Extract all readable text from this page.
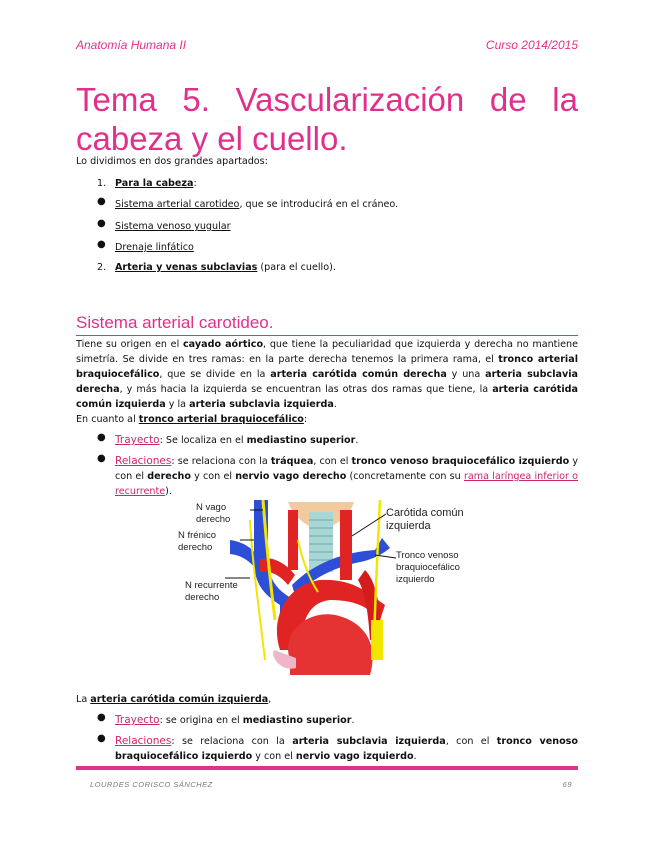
Anatomía Humana II	Curso 2014/2015
Tema 5. Vascularización de la cabeza y el cuello.
Lo dividimos en dos grandes apartados:
1. Para la cabeza:
● Sistema arterial carotideo, que se introducirá en el cráneo.
● Sistema venoso yugular
● Drenaje linfático
2. Arteria y venas subclavias (para el cuello).
Sistema arterial carotideo.
Tiene su origen en el cayado aórtico, que tiene la peculiaridad que izquierda y derecha no mantiene simetría. Se divide en tres ramas: en la parte derecha tenemos la primera rama, el tronco arterial braquiocefálico, que se divide en la arteria carótida común derecha y una arteria subclavia derecha, y más hacia la izquierda se encuentran las otras dos ramas que tiene, la arteria carótida común izquierda y la arteria subclavia izquierda.
En cuanto al tronco arterial braquiocefálico:
● Trayecto: Se localiza en el mediastino superior.
● Relaciones: se relaciona con la tráquea, con el tronco venoso braquiocefálico izquierdo y con el derecho y con el nervio vago derecho (concretamente con su rama laríngea inferior o recurrente).
N vago
derecho
N frénico
derecho
N recurrente
derecho
Carótida común
izquierda
Tronco venoso
braquiocefálico
izquierdo
La arteria carótida común izquierda,
● Trayecto: se origina en el mediastino superior.
● Relaciones: se relaciona con la arteria subclavia izquierda, con el tronco venoso braquiocefálico izquierdo y con el nervio vago izquierdo.
LOURDES CORISCO SÁNCHEZ	69
